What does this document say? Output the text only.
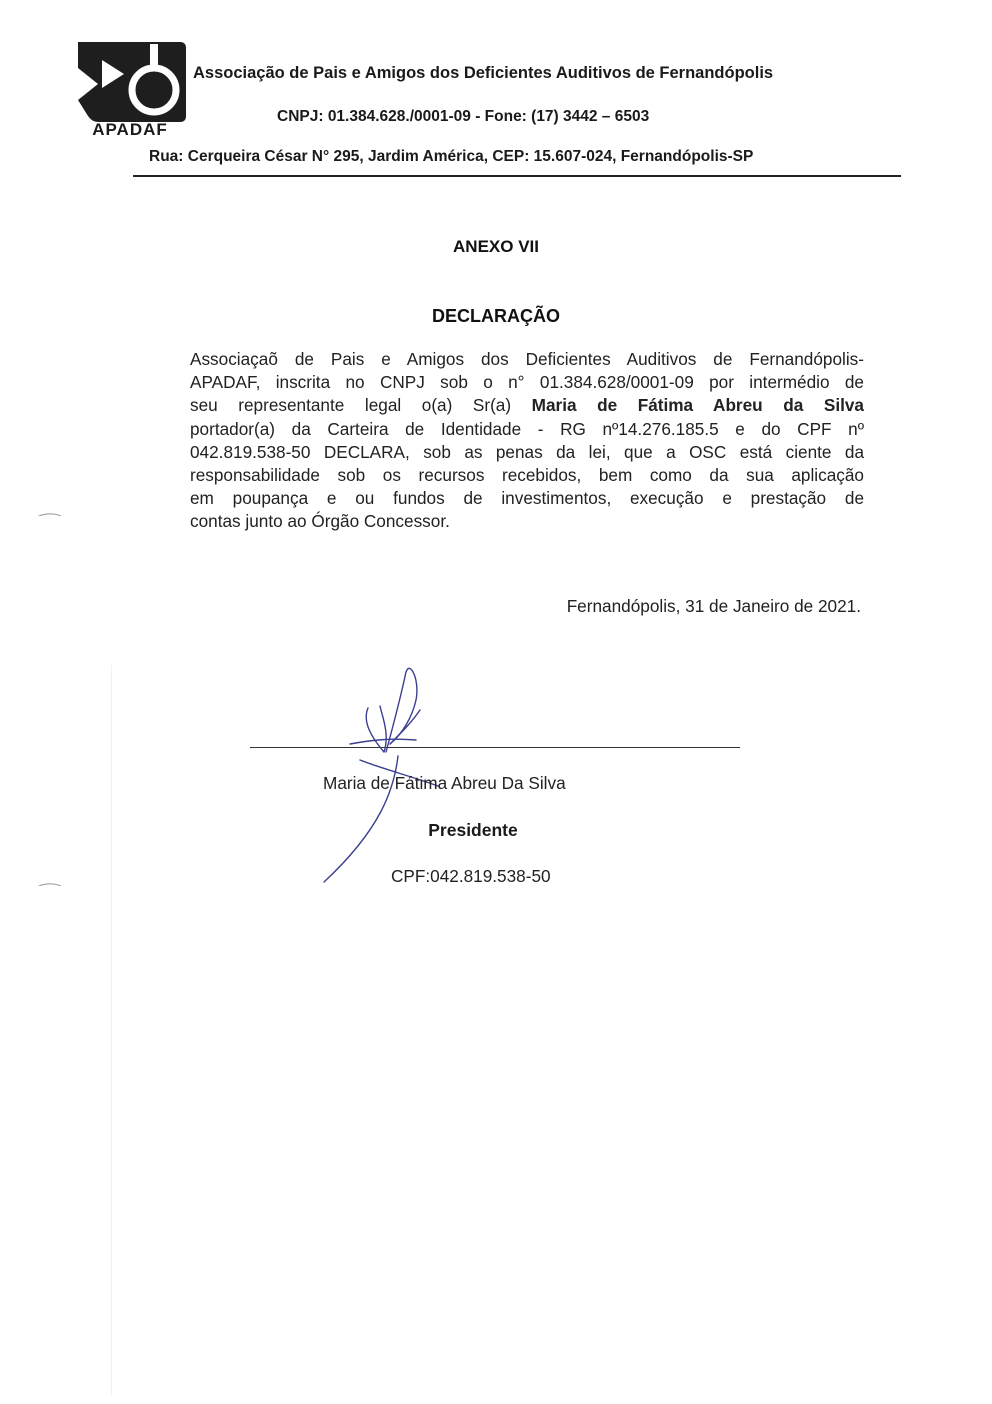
APADAF
Associação de Pais e Amigos dos Deficientes Auditivos de Fernandópolis
CNPJ: 01.384.628./0001-09 - Fone: (17) 3442 – 6503
Rua: Cerqueira César N° 295, Jardim América, CEP: 15.607-024, Fernandópolis-SP
ANEXO VII
DECLARAÇÃO
Associaçaõ de Pais e Amigos dos Deficientes Auditivos de Fernandópolis-
APADAF, inscrita no CNPJ sob o n° 01.384.628/0001-09 por intermédio de
seu representante legal o(a) Sr(a) Maria de Fátima Abreu da Silva
portador(a) da Carteira de Identidade - RG nº14.276.185.5 e do CPF nº
042.819.538-50 DECLARA, sob as penas da lei, que a OSC está ciente da
responsabilidade sob os recursos recebidos, bem como da sua aplicação
em poupança e ou fundos de investimentos, execução e prestação de
contas junto ao Órgão Concessor.
Fernandópolis, 31 de Janeiro de 2021.
Maria de Fátima Abreu Da Silva
Presidente
CPF:042.819.538-50
